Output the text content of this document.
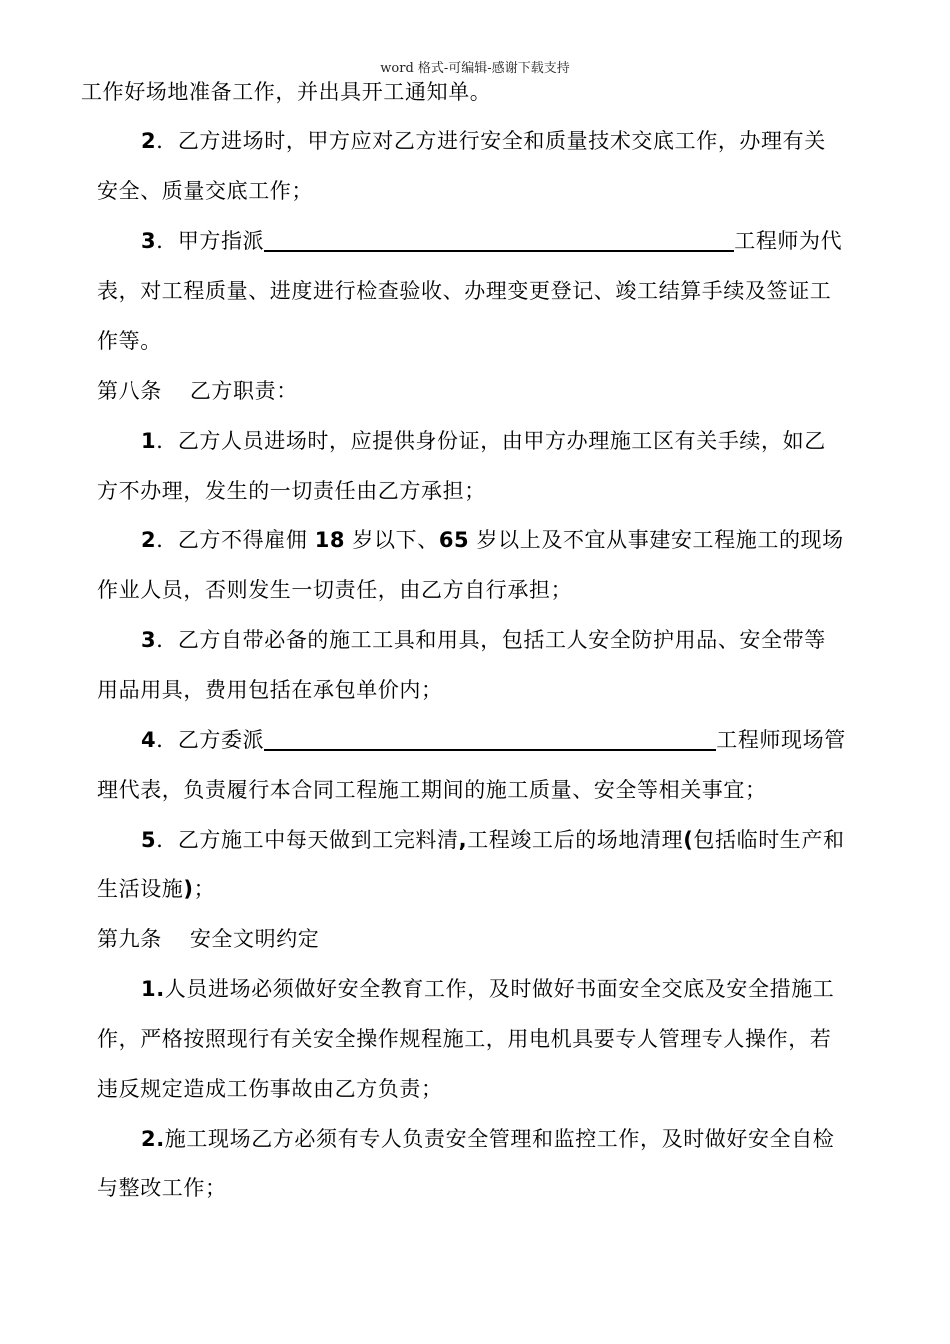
word 格式-可编辑-感谢下载支持
工作好场地准备工作，并出具开工通知单。
2．乙方进场时，甲方应对乙方进行安全和质量技术交底工作，办理有关
安全、质量交底工作；
3．甲方指派	工程师为代
表，对工程质量、进度进行检查验收、办理变更登记、竣工结算手续及签证工
作等。
第八条 乙方职责：
1．乙方人员进场时，应提供身份证，由甲方办理施工区有关手续，如乙
方不办理，发生的一切责任由乙方承担；
2．乙方不得雇佣 18 岁以下、65 岁以上及不宜从事建安工程施工的现场
作业人员，否则发生一切责任，由乙方自行承担；
3．乙方自带必备的施工工具和用具，包括工人安全防护用品、安全带等
用品用具，费用包括在承包单价内；
4．乙方委派	工程师现场管
理代表，负责履行本合同工程施工期间的施工质量、安全等相关事宜；
5．乙方施工中每天做到工完料清,工程竣工后的场地清理(包括临时生产和
生活设施)；
第九条 安全文明约定
1.人员进场必须做好安全教育工作，及时做好书面安全交底及安全措施工
作，严格按照现行有关安全操作规程施工，用电机具要专人管理专人操作，若
违反规定造成工伤事故由乙方负责；
2.施工现场乙方必须有专人负责安全管理和监控工作，及时做好安全自检
与整改工作；
